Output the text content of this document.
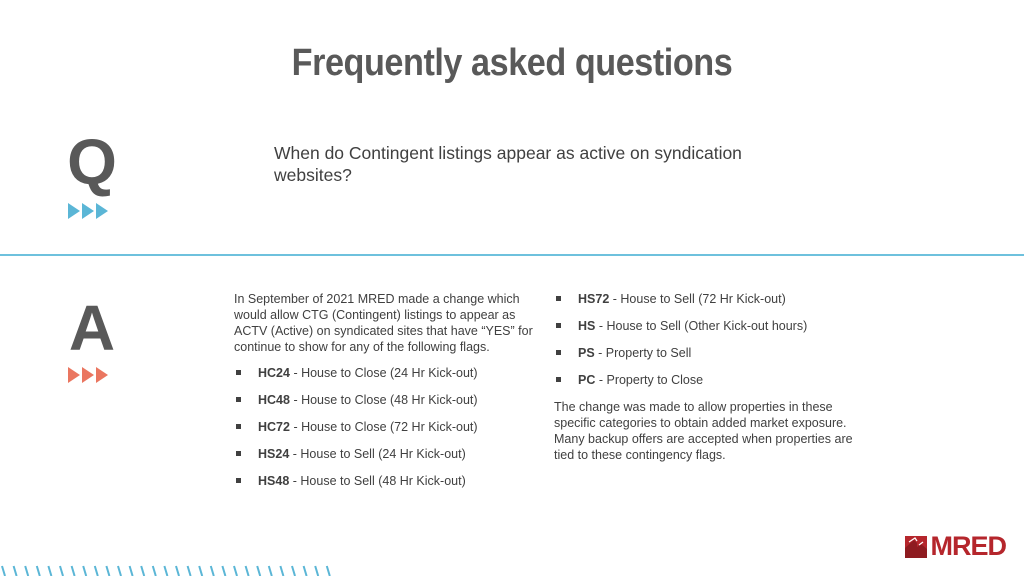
Frequently asked questions
Q	When do Contingent listings appear as active on syndication websites?
A	In September of 2021 MRED made a change which would allow CTG (Contingent) listings to appear as ACTV (Active) on syndicated sites that have “YES” for continue to show for any of the following flags.

HC24 - House to Close (24 Hr Kick-out)
HC48 - House to Close (48 Hr Kick-out)
HC72 - House to Close (72 Hr Kick-out)
HS24 - House to Sell (24 Hr Kick-out)
HS48 - House to Sell (48 Hr Kick-out)
HS72 - House to Sell (72 Hr Kick-out)
HS - House to Sell (Other Kick-out hours)
PS - Property to Sell
PC - Property to Close

The change was made to allow properties in these specific categories to obtain added market exposure. Many backup offers are accepted when properties are tied to these contingency flags.

MRED
